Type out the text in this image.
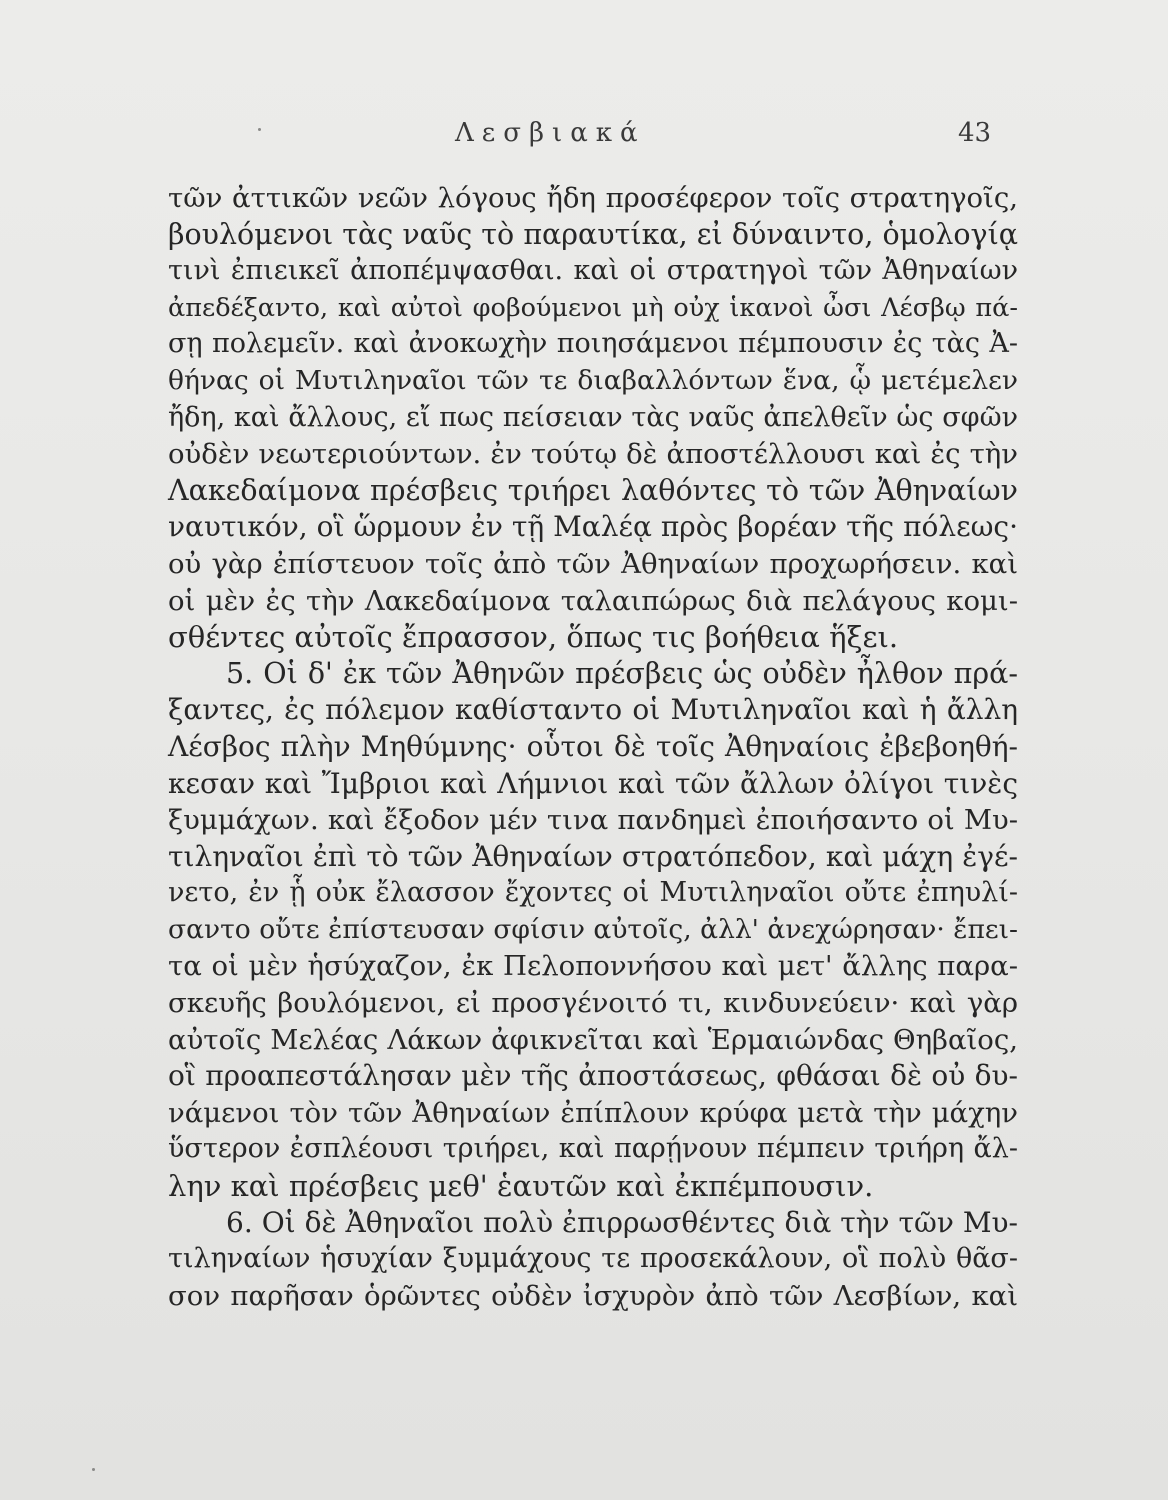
Λεσβιακά	43
τῶν ἀττικῶν νεῶν λόγους ἤδη προσέφερον τοῖς στρατηγοῖς,
βουλόμενοι τὰς ναῦς τὸ παραυτίκα, εἰ δύναιντο, ὁμολογίᾳ
τινὶ ἐπιεικεῖ ἀποπέμψασθαι. καὶ οἱ στρατηγοὶ τῶν Ἀθηναίων
ἀπεδέξαντο, καὶ αὐτοὶ φοβούμενοι μὴ οὐχ ἱκανοὶ ὦσι Λέσβῳ πά-
σῃ πολεμεῖν. καὶ ἀνοκωχὴν ποιησάμενοι πέμπουσιν ἐς τὰς Ἀ-
θήνας οἱ Μυτιληναῖοι τῶν τε διαβαλλόντων ἕνα, ᾧ μετέμελεν
ἤδη, καὶ ἄλλους, εἴ πως πείσειαν τὰς ναῦς ἀπελθεῖν ὡς σφῶν
οὐδὲν νεωτεριούντων. ἐν τούτῳ δὲ ἀποστέλλουσι καὶ ἐς τὴν
Λακεδαίμονα πρέσβεις τριήρει λαθόντες τὸ τῶν Ἀθηναίων
ναυτικόν, οἳ ὥρμουν ἐν τῇ Μαλέᾳ πρὸς βορέαν τῆς πόλεως·
οὐ γὰρ ἐπίστευον τοῖς ἀπὸ τῶν Ἀθηναίων προχωρήσειν. καὶ
οἱ μὲν ἐς τὴν Λακεδαίμονα ταλαιπώρως διὰ πελάγους κομι-
σθέντες αὐτοῖς ἔπρασσον, ὅπως τις βοήθεια ἥξει.
5. Οἱ δ' ἐκ τῶν Ἀθηνῶν πρέσβεις ὡς οὐδὲν ἦλθον πρά-
ξαντες, ἐς πόλεμον καθίσταντο οἱ Μυτιληναῖοι καὶ ἡ ἄλλη
Λέσβος πλὴν Μηθύμνης· οὗτοι δὲ τοῖς Ἀθηναίοις ἐβεβοηθή-
κεσαν καὶ Ἴμβριοι καὶ Λήμνιοι καὶ τῶν ἄλλων ὀλίγοι τινὲς
ξυμμάχων. καὶ ἔξοδον μέν τινα πανδημεὶ ἐποιήσαντο οἱ Μυ-
τιληναῖοι ἐπὶ τὸ τῶν Ἀθηναίων στρατόπεδον, καὶ μάχη ἐγέ-
νετο, ἐν ᾗ οὐκ ἔλασσον ἔχοντες οἱ Μυτιληναῖοι οὔτε ἐπηυλί-
σαντο οὔτε ἐπίστευσαν σφίσιν αὐτοῖς, ἀλλ' ἀνεχώρησαν· ἔπει-
τα οἱ μὲν ἡσύχαζον, ἐκ Πελοποννήσου καὶ μετ' ἄλλης παρα-
σκευῆς βουλόμενοι, εἰ προσγένοιτό τι, κινδυνεύειν· καὶ γὰρ
αὐτοῖς Μελέας Λάκων ἀφικνεῖται καὶ Ἑρμαιώνδας Θηβαῖος,
οἳ προαπεστάλησαν μὲν τῆς ἀποστάσεως, φθάσαι δὲ οὐ δυ-
νάμενοι τὸν τῶν Ἀθηναίων ἐπίπλουν κρύφα μετὰ τὴν μάχην
ὕστερον ἐσπλέουσι τριήρει, καὶ παρῄνουν πέμπειν τριήρη ἄλ-
λην καὶ πρέσβεις μεθ' ἑαυτῶν καὶ ἐκπέμπουσιν.
6. Οἱ δὲ Ἀθηναῖοι πολὺ ἐπιρρωσθέντες διὰ τὴν τῶν Μυ-
τιληναίων ἡσυχίαν ξυμμάχους τε προσεκάλουν, οἳ πολὺ θᾶσ-
σον παρῆσαν ὁρῶντες οὐδὲν ἰσχυρὸν ἀπὸ τῶν Λεσβίων, καὶ
